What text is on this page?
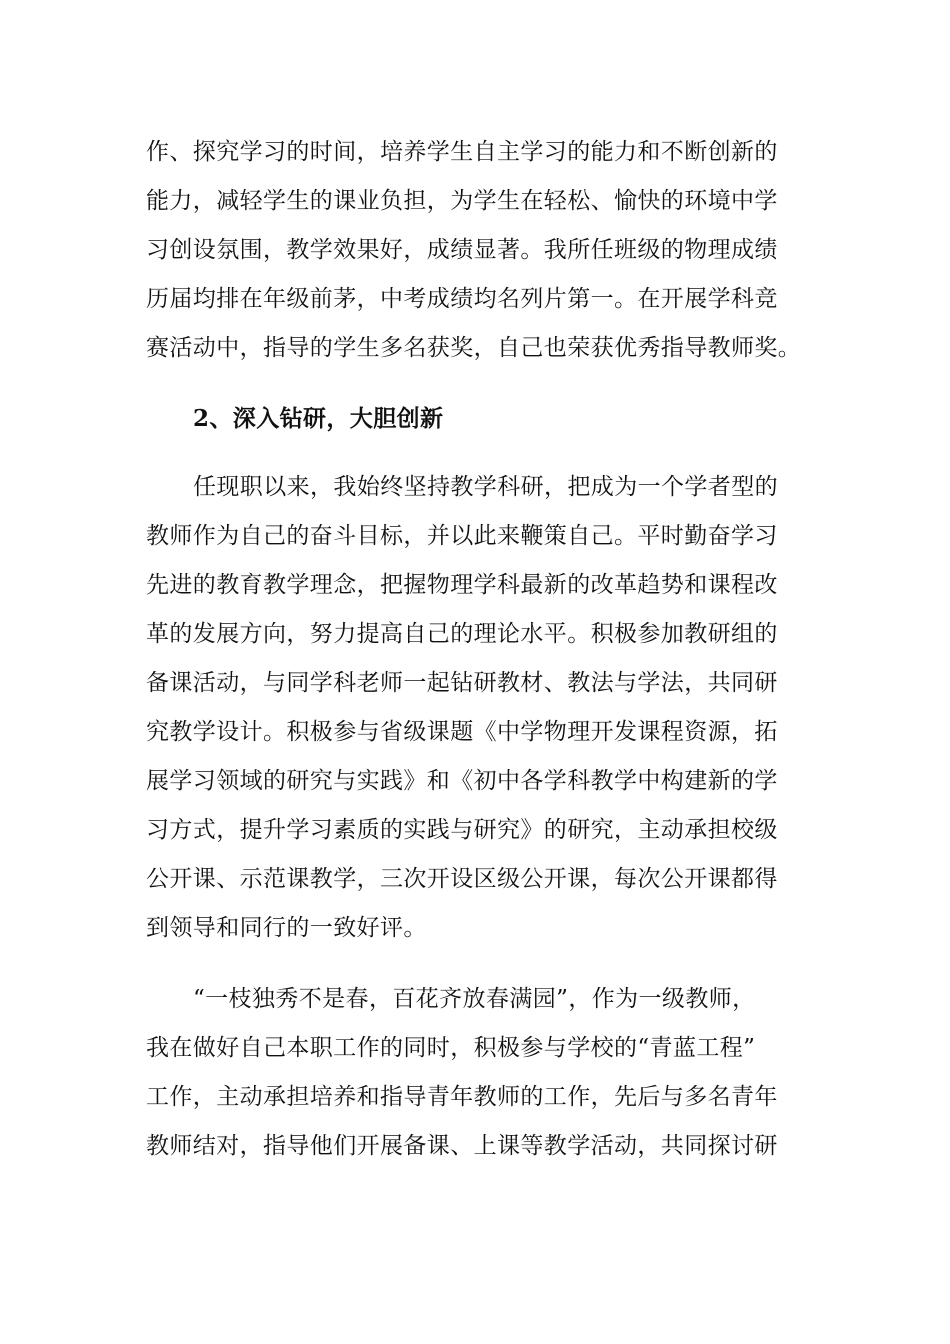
作、探究学习的时间，培养学生自主学习的能力和不断创新的
能力，减轻学生的课业负担，为学生在轻松、愉快的环境中学
习创设氛围，教学效果好，成绩显著。我所任班级的物理成绩
历届均排在年级前茅，中考成绩均名列片第一。在开展学科竞
赛活动中，指导的学生多名获奖，自己也荣获优秀指导教师奖。
2、深入钻研，大胆创新
任现职以来，我始终坚持教学科研，把成为一个学者型的
教师作为自己的奋斗目标，并以此来鞭策自己。平时勤奋学习
先进的教育教学理念，把握物理学科最新的改革趋势和课程改
革的发展方向，努力提高自己的理论水平。积极参加教研组的
备课活动，与同学科老师一起钻研教材、教法与学法，共同研
究教学设计。积极参与省级课题《中学物理开发课程资源，拓
展学习领域的研究与实践》和《初中各学科教学中构建新的学
习方式，提升学习素质的实践与研究》的研究，主动承担校级
公开课、示范课教学，三次开设区级公开课，每次公开课都得
到领导和同行的一致好评。
“一枝独秀不是春，百花齐放春满园”，作为一级教师，
我在做好自己本职工作的同时，积极参与学校的“青蓝工程”
工作，主动承担培养和指导青年教师的工作，先后与多名青年
教师结对，指导他们开展备课、上课等教学活动，共同探讨研
